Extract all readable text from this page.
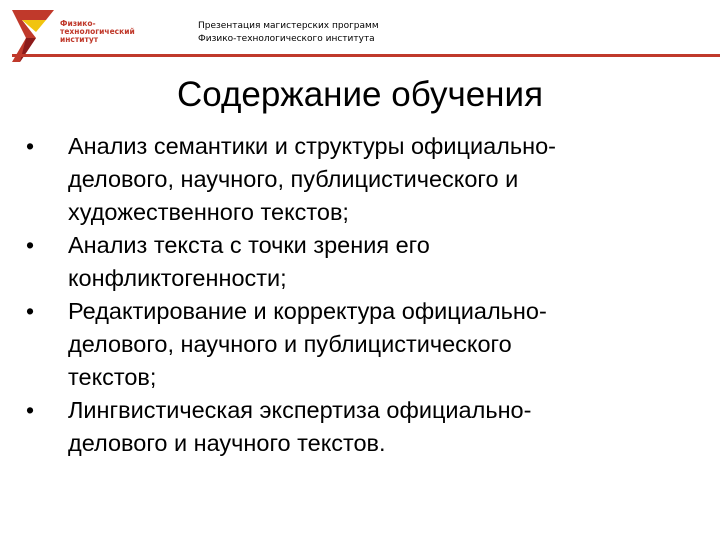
Физико-
технологический
институт
Презентация магистерских программ
Физико-технологического института
Содержание обучения
• Анализ семантики и структуры официально-
делового, научного, публицистического и
художественного текстов;
• Анализ текста с точки зрения его
конфликтогенности;
• Редактирование и корректура официально-
делового, научного и публицистического
текстов;
• Лингвистическая экспертиза официально-
делового и научного текстов.
